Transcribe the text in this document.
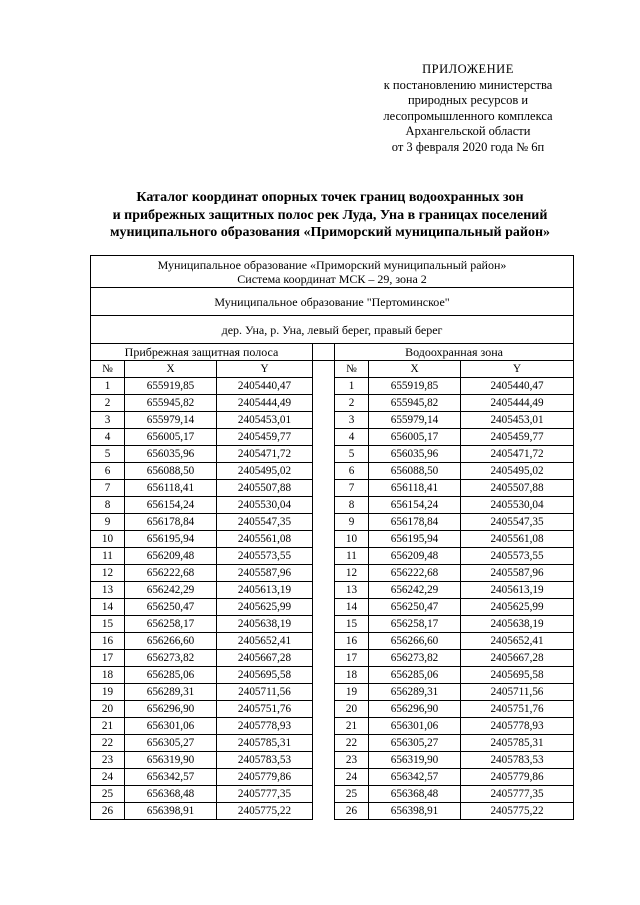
ПРИЛОЖЕНИЕ
к постановлению министерства
природных ресурсов и
лесопромышленного комплекса
Архангельской области
от 3 февраля 2020 года № 6п
Каталог координат опорных точек границ водоохранных зон
и прибрежных защитных полос рек Луда, Уна в границах поселений
муниципального образования «Приморский муниципальный район»
Муниципальное образование «Приморский муниципальный район»
Система координат МСК – 29, зона 2						

Муниципальное образование "Пертоминское"						
дер. Уна, р. Уна, левый берег, правый берег						
Прибрежная защитная полоса				Водоохранная зона		
№	X	Y		№	X	Y
1	655919,85	2405440,47		1	655919,85	2405440,47
2	655945,82	2405444,49		2	655945,82	2405444,49
3	655979,14	2405453,01		3	655979,14	2405453,01
4	656005,17	2405459,77		4	656005,17	2405459,77
5	656035,96	2405471,72		5	656035,96	2405471,72
6	656088,50	2405495,02		6	656088,50	2405495,02
7	656118,41	2405507,88		7	656118,41	2405507,88
8	656154,24	2405530,04		8	656154,24	2405530,04
9	656178,84	2405547,35		9	656178,84	2405547,35
10	656195,94	2405561,08		10	656195,94	2405561,08
11	656209,48	2405573,55		11	656209,48	2405573,55
12	656222,68	2405587,96		12	656222,68	2405587,96
13	656242,29	2405613,19		13	656242,29	2405613,19
14	656250,47	2405625,99		14	656250,47	2405625,99
15	656258,17	2405638,19		15	656258,17	2405638,19
16	656266,60	2405652,41		16	656266,60	2405652,41
17	656273,82	2405667,28		17	656273,82	2405667,28
18	656285,06	2405695,58		18	656285,06	2405695,58
19	656289,31	2405711,56		19	656289,31	2405711,56
20	656296,90	2405751,76		20	656296,90	2405751,76
21	656301,06	2405778,93		21	656301,06	2405778,93
22	656305,27	2405785,31		22	656305,27	2405785,31
23	656319,90	2405783,53		23	656319,90	2405783,53
24	656342,57	2405779,86		24	656342,57	2405779,86
25	656368,48	2405777,35		25	656368,48	2405777,35
26	656398,91	2405775,22		26	656398,91	2405775,22
